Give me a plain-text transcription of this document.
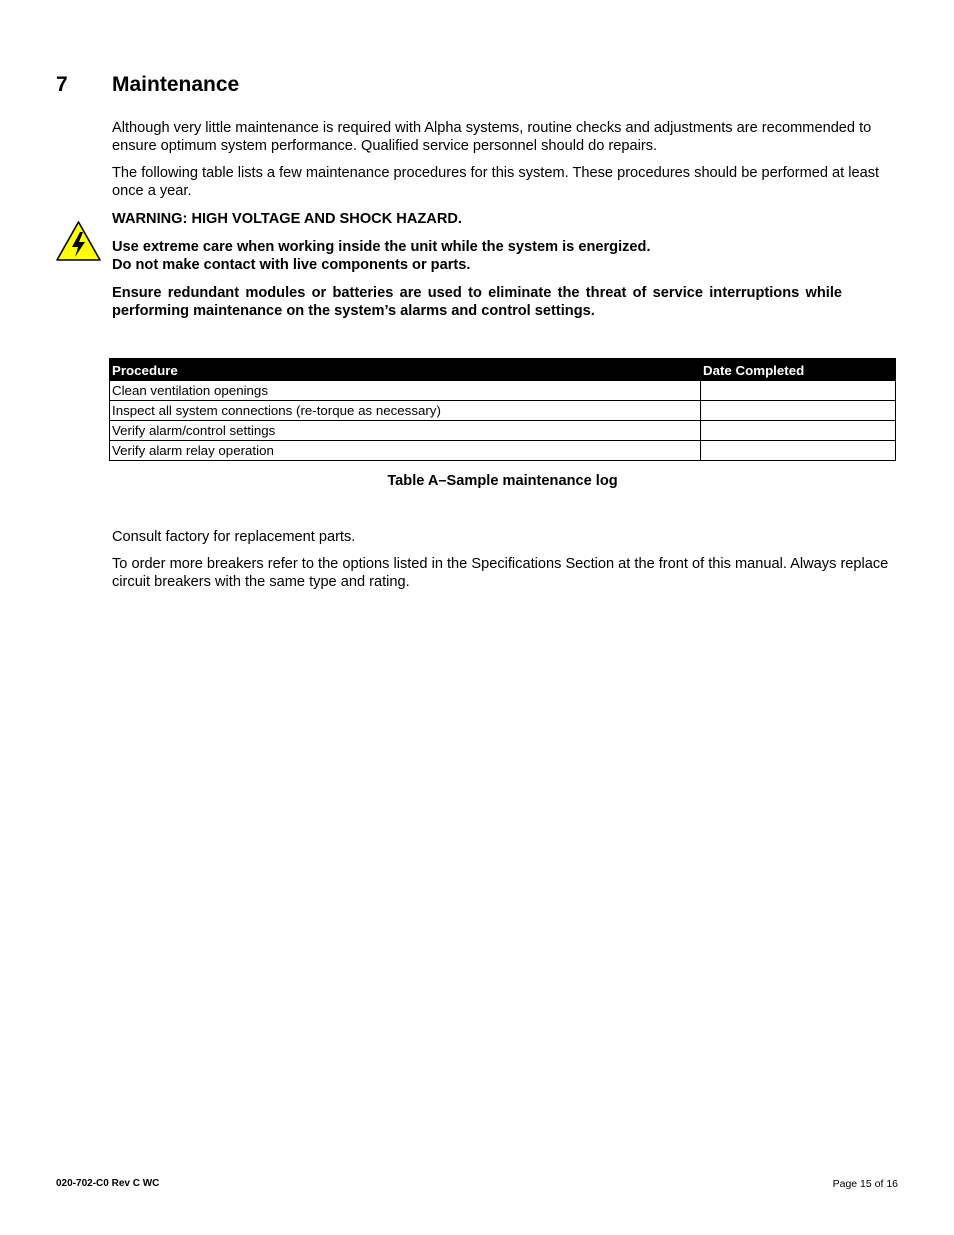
7 Maintenance

Although very little maintenance is required with Alpha systems, routine checks and adjustments are recommended to ensure optimum system performance. Qualified service personnel should do repairs.

The following table lists a few maintenance procedures for this system. These procedures should be performed at least once a year.

WARNING: HIGH VOLTAGE AND SHOCK HAZARD.

Use extreme care when working inside the unit while the system is energized.

Do not make contact with live components or parts.

Ensure redundant modules or batteries are used to eliminate the threat of service interruptions while performing maintenance on the system’s alarms and control settings.

Procedure	Date Completed
Clean ventilation openings	
Inspect all system connections (re-torque as necessary)	
Verify alarm/control settings	
Verify alarm relay operation	
Table A–Sample maintenance log

Consult factory for replacement parts.

To order more breakers refer to the options listed in the Specifications Section at the front of this manual. Always replace circuit breakers with the same type and rating.

020-702-C0 Rev C WC	Page 15 of 16
